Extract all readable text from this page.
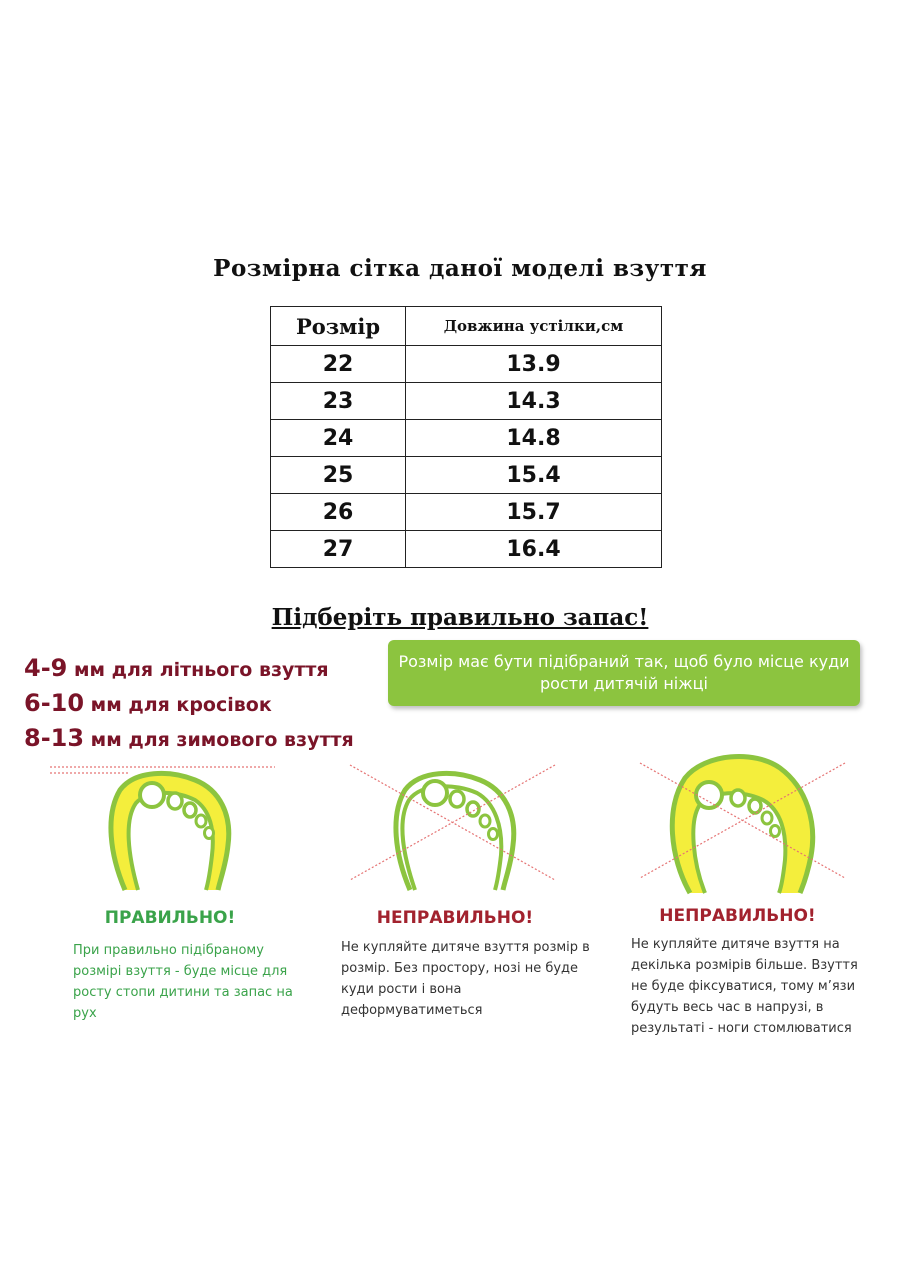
Розмірна сітка даної моделі взуття
Розмір	Довжина устілки,см
22	13.9
23	14.3
24	14.8
25	15.4
26	15.7
27	16.4
Підберіть правильно запас!
4-9 мм для літнього взуття
6-10 мм для кросівок
8-13 мм для зимового взуття
Розмір має бути підібраний так, щоб було місце куди рости дитячій ніжці
ПРАВИЛЬНО!
При правильно підібраному розмірі взуття - буде місце для росту стопи дитини та запас на рух
НЕПРАВИЛЬНО!
Не купляйте дитяче взуття розмір в розмір. Без простору, нозі не буде куди рости і вона деформуватиметься
НЕПРАВИЛЬНО!
Не купляйте дитяче взуття на декілька розмірів більше. Взуття не буде фіксуватися, тому м’язи будуть весь час в напрузі, в результаті - ноги стомлюватися
